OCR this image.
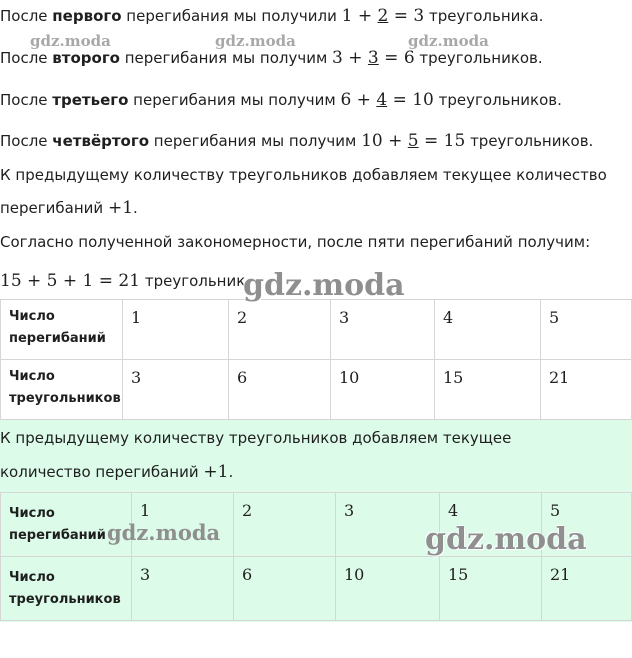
После первого перегибания мы получили 1 + 2 = 3 треугольника.
После второго перегибания мы получим 3 + 3 = 6 треугольников.
После третьего перегибания мы получим 6 + 4 = 10 треугольников.
После четвёртого перегибания мы получим 10 + 5 = 15 треугольников.
К предыдущему количеству треугольников добавляем текущее количество
перегибаний +1.
Согласно полученной закономерности, после пяти перегибаний получим:
15 + 5 + 1 = 21 треугольник.
Число перегибаний	1	2	3	4	5
Число треугольников	3	6	10	15	21
К предыдущему количеству треугольников добавляем текущее
количество перегибаний +1.
Число перегибаний	1	2	3	4	5
Число треугольников	3	6	10	15	21
gdz.moda	gdz.moda	gdz.moda
gdz.moda
gdz.moda	gdz.moda
